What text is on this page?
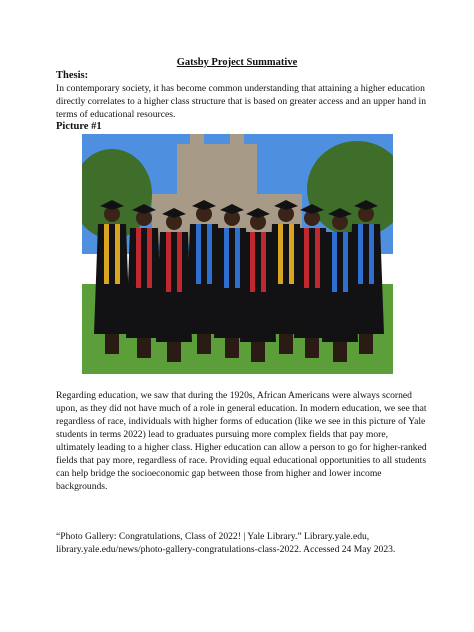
Gatsby Project Summative
Thesis:
In contemporary society, it has become common understanding that attaining a higher education directly correlates to a higher class structure that is based on greater access and an upper hand in terms of educational resources.
Picture #1
Regarding education, we saw that during the 1920s, African Americans were always scorned upon, as they did not have much of a role in general education. In modern education, we see that regardless of race, individuals with higher forms of education (like we see in this picture of Yale students in terms 2022) lead to graduates pursuing more complex fields that pay more, ultimately leading to a higher class. Higher education can allow a person to go for higher-ranked fields that pay more, regardless of race. Providing equal educational opportunities to all students can help bridge the socioeconomic gap between those from higher and lower income backgrounds.
“Photo Gallery: Congratulations, Class of 2022! | Yale Library.” Library.yale.edu, library.yale.edu/news/photo-gallery-congratulations-class-2022. Accessed 24 May 2023.
